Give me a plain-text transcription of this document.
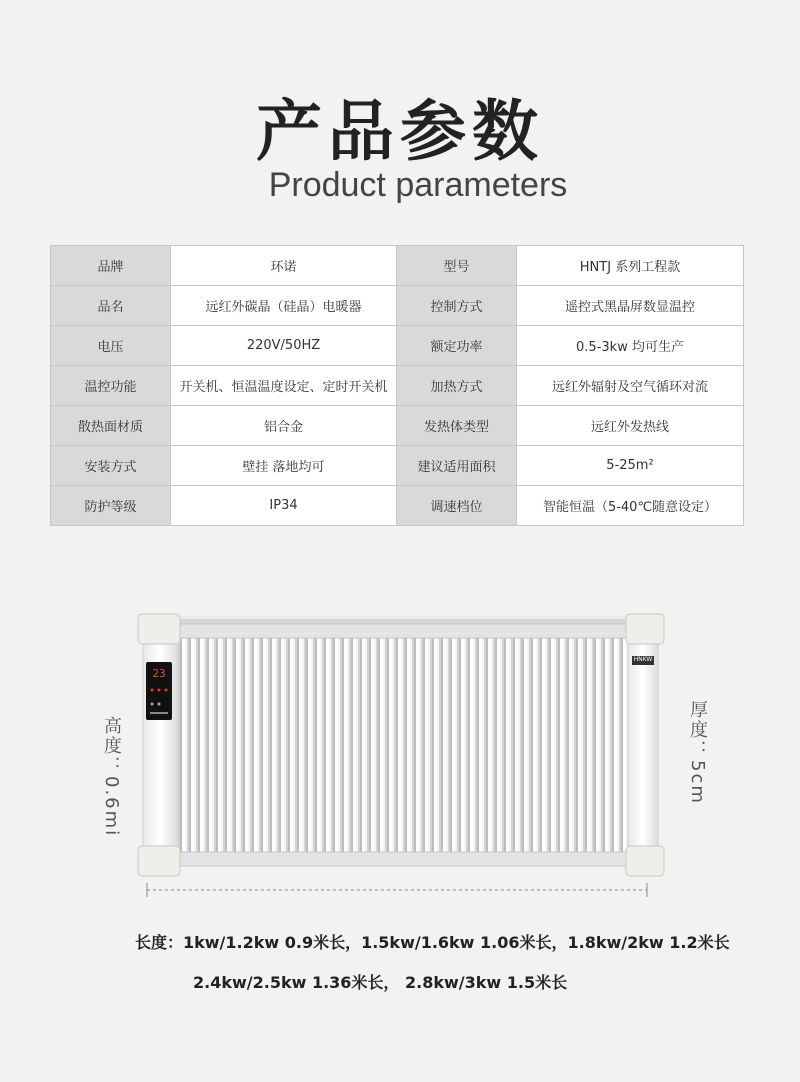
产品参数
Product parameters
品牌	环诺	型号	HNTJ 系列工程款
品名	远红外碳晶（硅晶）电暖器	控制方式	遥控式黑晶屏数显温控
电压	220V/50HZ	额定功率	0.5-3kw 均可生产
温控功能	开关机、恒温温度设定、定时开关机	加热方式	远红外辐射及空气循环对流
散热面材质	铝合金	发热体类型	远红外发热线
安装方式	壁挂 落地均可	建议适用面积	5-25m²
防护等级	IP34	调速档位	智能恒温（5-40℃随意设定）
23
HNKW
高度：0.6mi	厚度：5cm
长度：1kw/1.2kw 0.9米长，1.5kw/1.6kw 1.06米长，1.8kw/2kw 1.2米长
2.4kw/2.5kw 1.36米长， 2.8kw/3kw 1.5米长
